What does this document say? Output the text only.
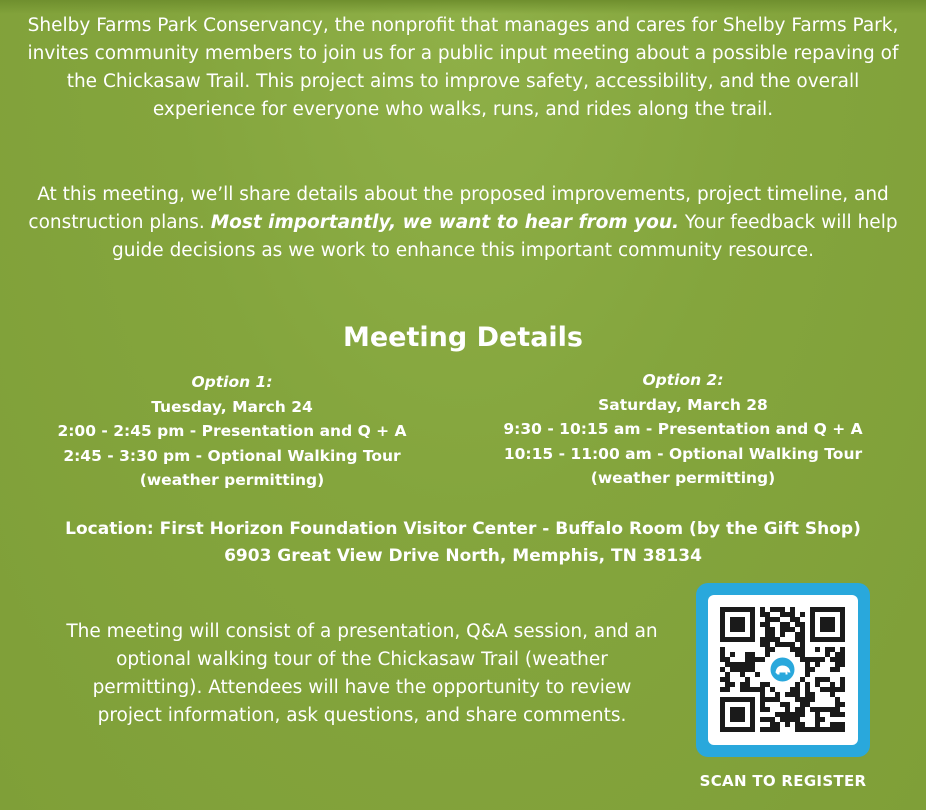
Shelby Farms Park Conservancy, the nonprofit that manages and cares for Shelby Farms Park, invites community members to join us for a public input meeting about a possible repaving of the Chickasaw Trail. This project aims to improve safety, accessibility, and the overall experience for everyone who walks, runs, and rides along the trail.

At this meeting, we’ll share details about the proposed improvements, project timeline, and construction plans. Most importantly, we want to hear from you. Your feedback will help guide decisions as we work to enhance this important community resource.

Meeting Details
Option 1:
Tuesday, March 24
2:00 - 2:45 pm - Presentation and Q + A
2:45 - 3:30 pm - Optional Walking Tour
(weather permitting)
Option 2:
Saturday, March 28
9:30 - 10:15 am - Presentation and Q + A
10:15 - 11:00 am - Optional Walking Tour
(weather permitting)
Location: First Horizon Foundation Visitor Center - Buffalo Room (by the Gift Shop)
6903 Great View Drive North, Memphis, TN 38134
The meeting will consist of a presentation, Q&A session, and an optional walking tour of the Chickasaw Trail (weather permitting). Attendees will have the opportunity to review project information, ask questions, and share comments.
SCAN TO REGISTER
